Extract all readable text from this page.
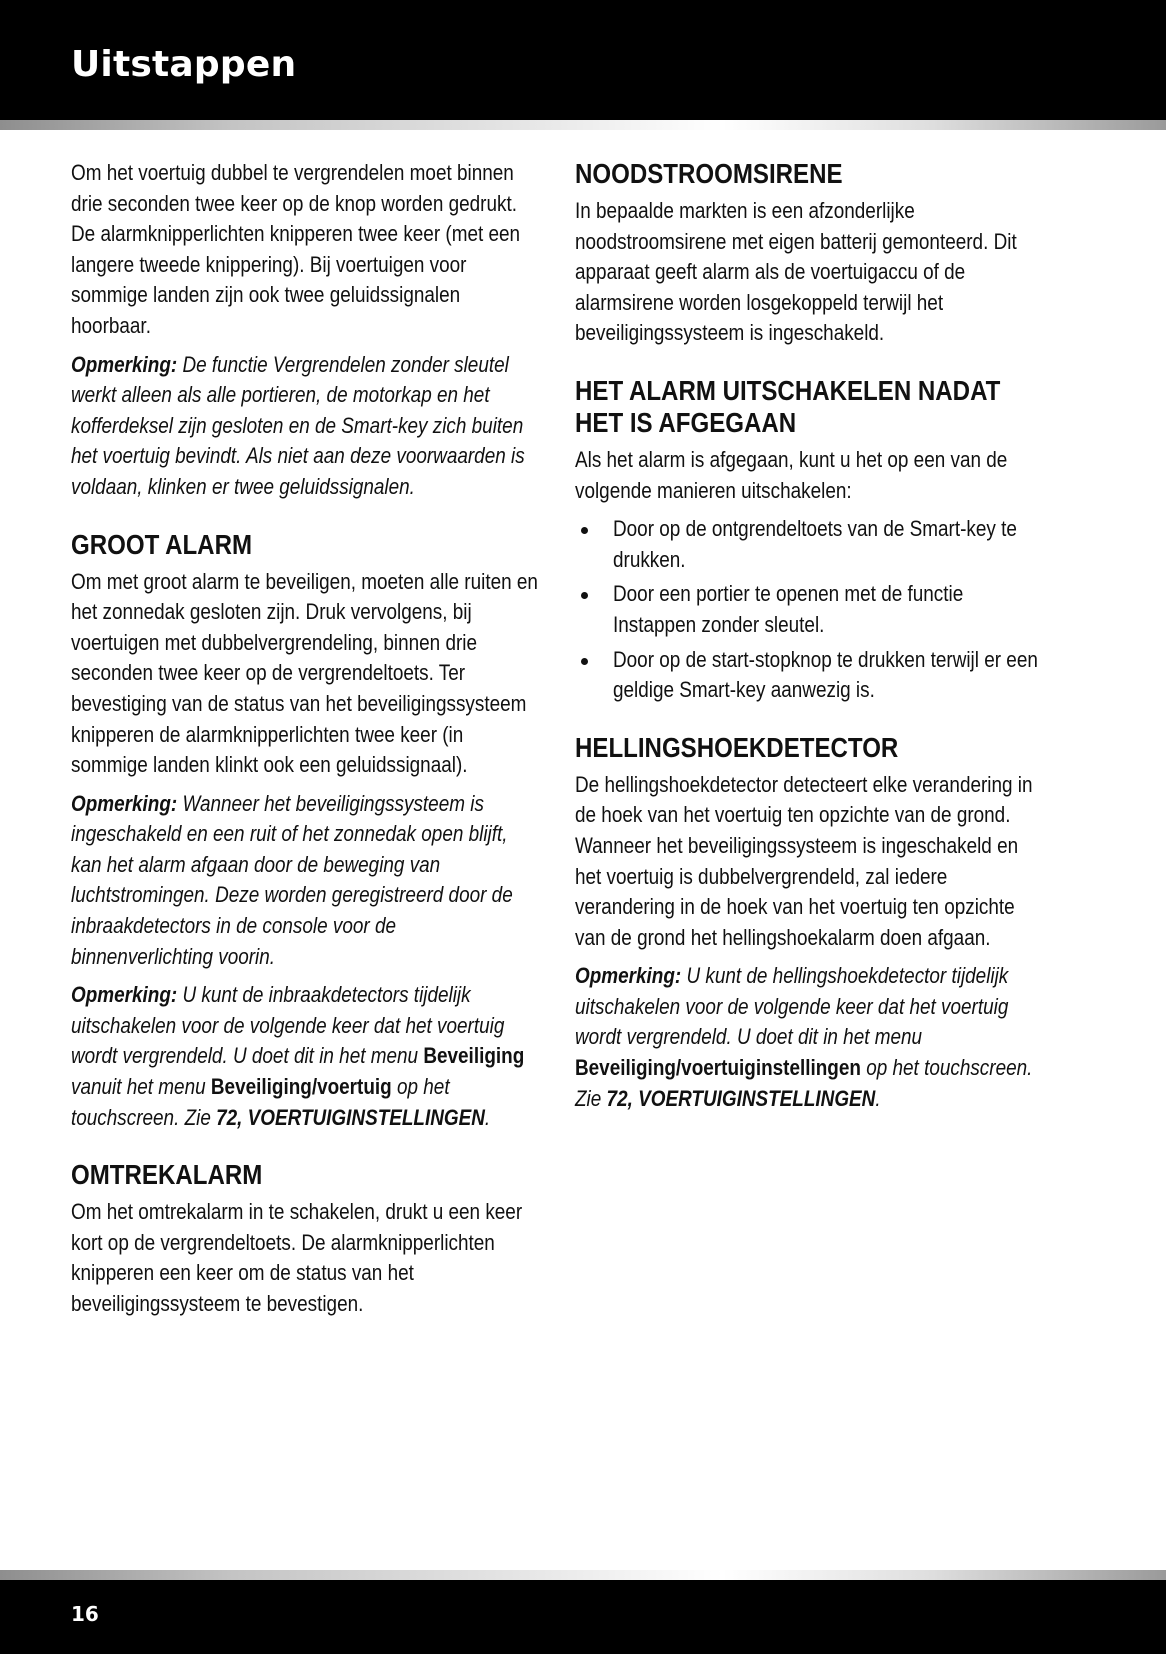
Uitstappen

Om het voertuig dubbel te vergrendelen moet binnen drie seconden twee keer op de knop worden gedrukt. De alarmknipperlichten knipperen twee keer (met een langere tweede knippering). Bij voertuigen voor sommige landen zijn ook twee geluidssignalen hoorbaar.

Opmerking: De functie Vergrendelen zonder sleutel werkt alleen als alle portieren, de motorkap en het kofferdeksel zijn gesloten en de Smart-key zich buiten het voertuig bevindt. Als niet aan deze voorwaarden is voldaan, klinken er twee geluidssignalen.

GROOT ALARM

Om met groot alarm te beveiligen, moeten alle ruiten en het zonnedak gesloten zijn. Druk vervolgens, bij voertuigen met dubbelvergrendeling, binnen drie seconden twee keer op de vergrendeltoets. Ter bevestiging van de status van het beveiligingssysteem knipperen de alarmknipperlichten twee keer (in sommige landen klinkt ook een geluidssignaal).

Opmerking: Wanneer het beveiligingssysteem is ingeschakeld en een ruit of het zonnedak open blijft, kan het alarm afgaan door de beweging van luchtstromingen. Deze worden geregistreerd door de inbraakdetectors in de console voor de binnenverlichting voorin.

Opmerking: U kunt de inbraakdetectors tijdelijk uitschakelen voor de volgende keer dat het voertuig wordt vergrendeld. U doet dit in het menu Beveiliging vanuit het menu Beveiliging/voertuig op het touchscreen. Zie 72, VOERTUIGINSTELLINGEN.

OMTREKALARM

Om het omtrekalarm in te schakelen, drukt u een keer kort op de vergrendeltoets. De alarmknipperlichten knipperen een keer om de status van het beveiligingssysteem te bevestigen.

NOODSTROOMSIRENE

In bepaalde markten is een afzonderlijke noodstroomsirene met eigen batterij gemonteerd. Dit apparaat geeft alarm als de voertuigaccu of de alarmsirene worden losgekoppeld terwijl het beveiligingssysteem is ingeschakeld.

HET ALARM UITSCHAKELEN NADAT HET IS AFGEGAAN

Als het alarm is afgegaan, kunt u het op een van de volgende manieren uitschakelen:

Door op de ontgrendeltoets van de Smart-key te drukken.
Door een portier te openen met de functie Instappen zonder sleutel.
Door op de start-stopknop te drukken terwijl er een geldige Smart-key aanwezig is.
HELLINGSHOEKDETECTOR

De hellingshoekdetector detecteert elke verandering in de hoek van het voertuig ten opzichte van de grond. Wanneer het beveiligingssysteem is ingeschakeld en het voertuig is dubbelvergrendeld, zal iedere verandering in de hoek van het voertuig ten opzichte van de grond het hellingshoekalarm doen afgaan.

Opmerking: U kunt de hellingshoekdetector tijdelijk uitschakelen voor de volgende keer dat het voertuig wordt vergrendeld. U doet dit in het menu Beveiliging/voertuiginstellingen op het touchscreen. Zie 72, VOERTUIGINSTELLINGEN.

16
